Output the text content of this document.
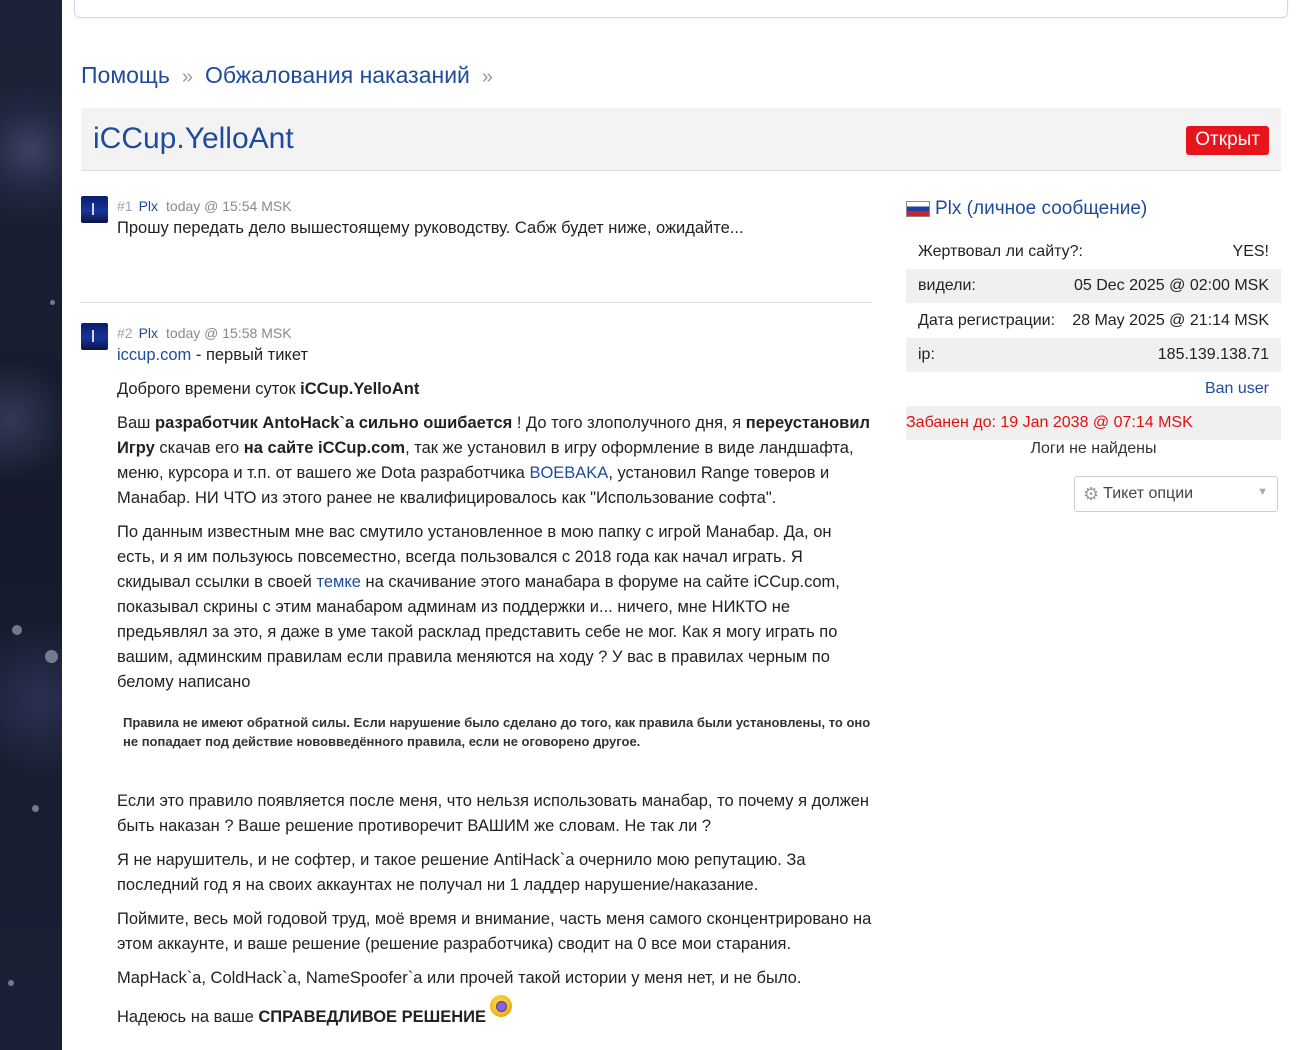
Помощь » Обжалования наказаний »
iCCup.YelloAnt	Открыт
#1 Plx today @ 15:54 MSK

Прошу передать дело вышестоящему руководству. Сабж будет ниже, ожидайте...

#2 Plx today @ 15:58 MSK

iccup.com - первый тикет

Доброго времени суток iCCup.YelloAnt

Ваш разработчик AntoHack`а сильно ошибается ! До того злополучного дня, я переустановил Игру скачав его на сайте iCCup.com, так же установил в игру оформление в виде ландшафта, меню, курсора и т.п. от вашего же Dota разработчика BOEBAKA, установил Range товеров и Манабар. НИ ЧТО из этого ранее не квалифицировалось как "Использование софта".

По данным известным мне вас смутило установленное в мою папку с игрой Манабар. Да, он есть, и я им пользуюсь повсеместно, всегда пользовался с 2018 года как начал играть. Я скидывал ссылки в своей темке на скачивание этого манабара в форуме на сайте iCCup.com, показывал скрины с этим манабаром админам из поддержки и... ничего, мне НИКТО не предьявлял за это, я даже в уме такой расклад представить себе не мог. Как я могу играть по вашим, админским правилам если правила меняются на ходу ? У вас в правилах черным по белому написано

Правила не имеют обратной силы. Если нарушение было сделано до того, как правила были установлены, то оно не попадает под действие нововведённого правила, если не оговорено другое.

Если это правило появляется после меня, что нельзя использовать манабар, то почему я должен быть наказан ? Ваше решение противоречит ВАШИМ же словам. Не так ли ?

Я не нарушитель, и не софтер, и такое решение AntiHack`а очернило мою репутацию. За последний год я на своих аккаунтах не получал ни 1 ладдер нарушение/наказание.

Поймите, весь мой годовой труд, моё время и внимание, часть меня самого сконцентрировано на этом аккаунте, и ваше решение (решение разработчика) сводит на 0 все мои старания.

MapHack`a, ColdHack`a, NameSpoofer`a или прочей такой истории у меня нет, и не было.

Надеюсь на ваше СПРАВЕДЛИВОЕ РЕШЕНИЕ

Plx ( личное сообщение )
Жертвовал ли сайту?:	YES!
видели:	05 Dec 2025 @ 02:00 MSK
Дата регистрации: 28 May 2025 @ 21:14 MSK
ip:	185.139.138.71
Ban user
Забанен до: 19 Jan 2038 @ 07:14 MSK
Логи не найдены
⚙ Тикет опции	▼
